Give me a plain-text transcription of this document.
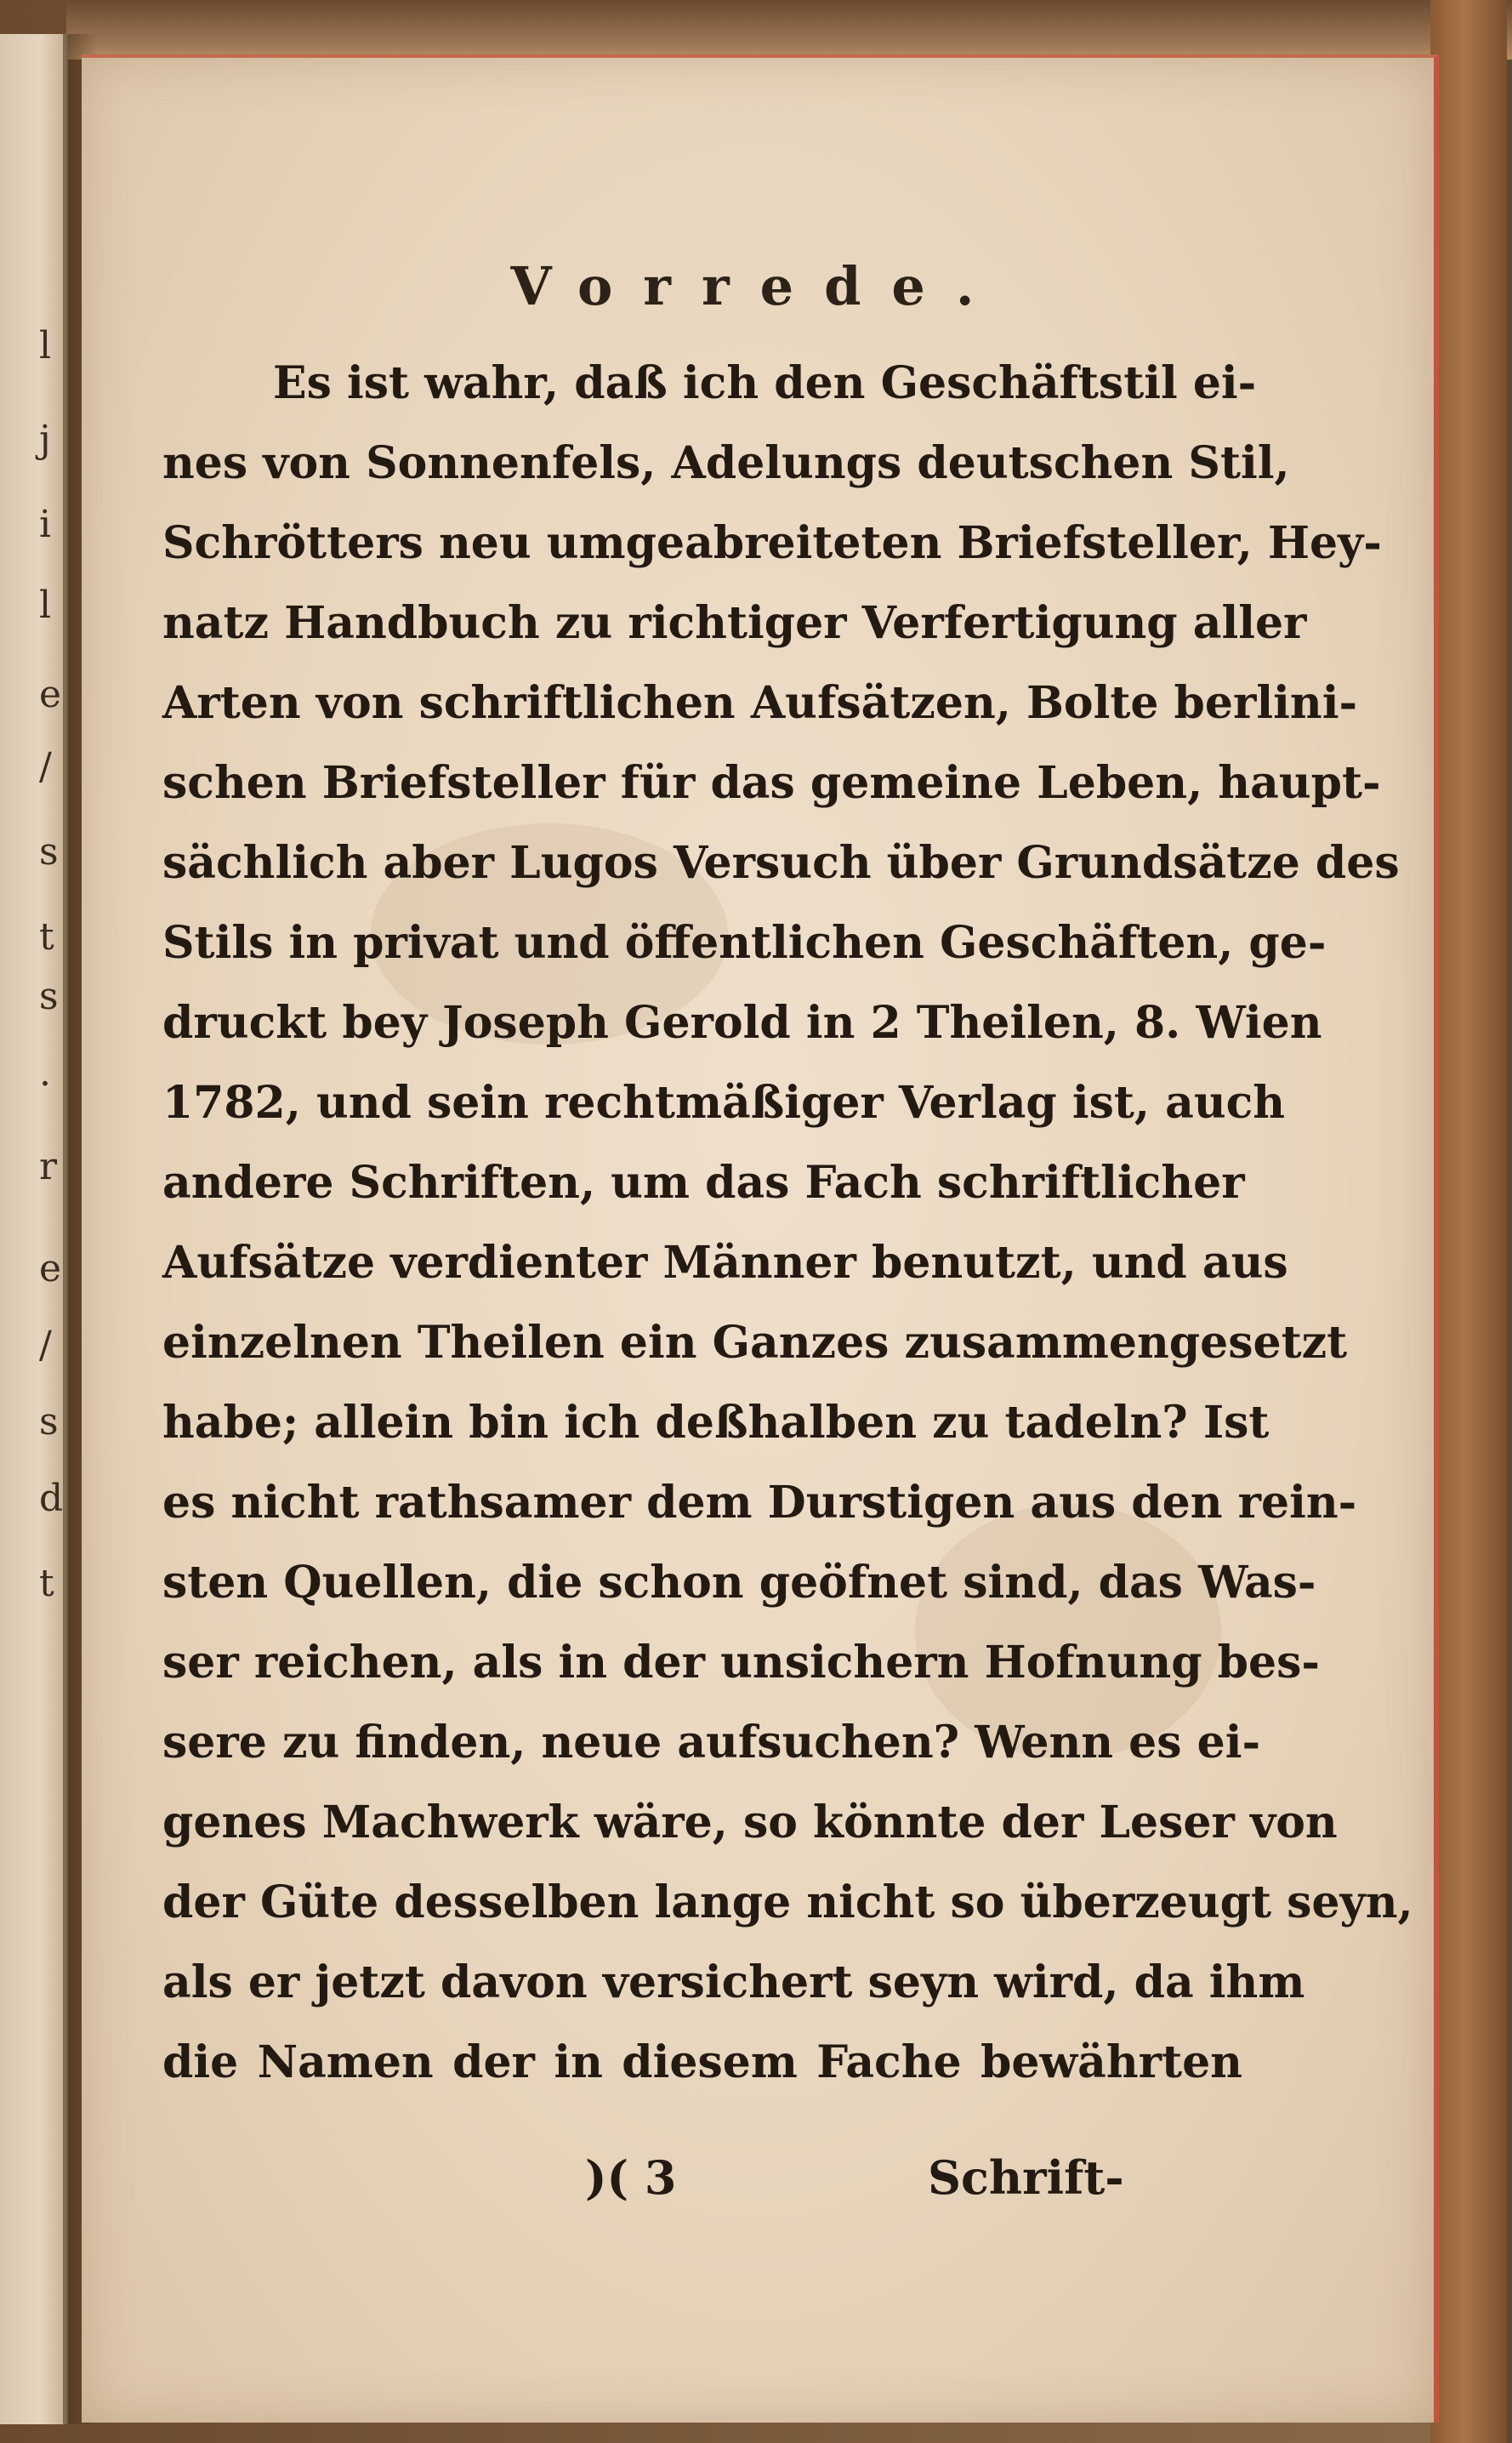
l
j
i
l
e
/
s
t
s
.
r
e
/
s
d
t
Vorrede.
Es ist wahr, daß ich den Geschäftstil ei-
nes von Sonnenfels, Adelungs deutschen Stil,
Schrötters neu umgeabreiteten Briefsteller, Hey-
natz Handbuch zu richtiger Verfertigung aller
Arten von schriftlichen Aufsätzen, Bolte berlini-
schen Briefsteller für das gemeine Leben, haupt-
sächlich aber Lugos Versuch über Grundsätze des
Stils in privat und öffentlichen Geschäften, ge-
druckt bey Joseph Gerold in 2 Theilen, 8. Wien
1782, und sein rechtmäßiger Verlag ist, auch
andere Schriften, um das Fach schriftlicher
Aufsätze verdienter Männer benutzt, und aus
einzelnen Theilen ein Ganzes zusammengesetzt
habe; allein bin ich deßhalben zu tadeln? Ist
es nicht rathsamer dem Durstigen aus den rein-
sten Quellen, die schon geöfnet sind, das Was-
ser reichen, als in der unsichern Hofnung bes-
sere zu finden, neue aufsuchen? Wenn es ei-
genes Machwerk wäre, so könnte der Leser von
der Güte desselben lange nicht so überzeugt seyn,
als er jetzt davon versichert seyn wird, da ihm
die Namen der in diesem Fache bewährten
)( 3	Schrift-
